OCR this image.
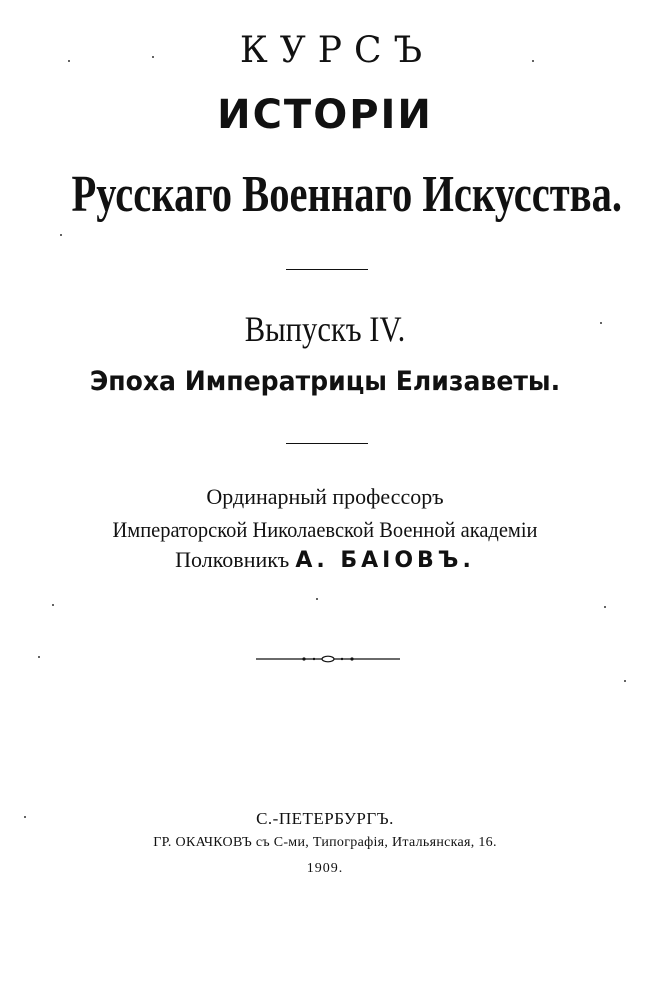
КУРСЪ
ИСТОРІИ
Русскаго Военнаго Искусства.
Выпускъ IV.
Эпоха Императрицы Елизаветы.
Ординарный профессоръ
Императорской Николаевской Военной академіи
Полковникъ А. БАІОВЪ.
С.-ПЕТЕРБУРГЪ.
ГР. ОКАЧКОВЪ съ С-ми, Типографія, Итальянская, 16.
1909.
